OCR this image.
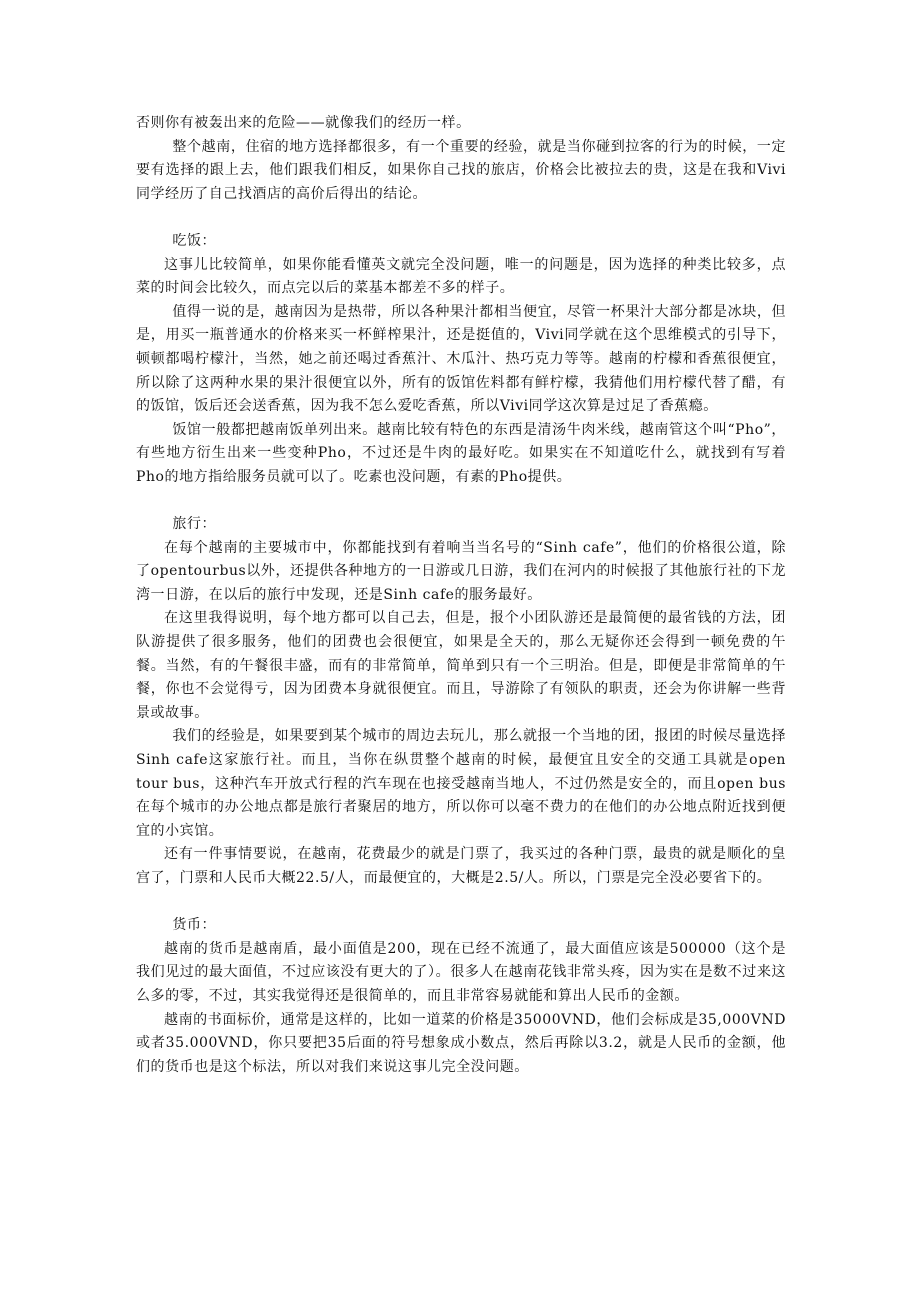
否则你有被轰出来的危险——就像我们的经历一样。

整个越南，住宿的地方选择都很多，有一个重要的经验，就是当你碰到拉客的行为的时候，一定要有选择的跟上去，他们跟我们相反，如果你自己找的旅店，价格会比被拉去的贵，这是在我和Vivi同学经历了自己找酒店的高价后得出的结论。

吃饭：

这事儿比较简单，如果你能看懂英文就完全没问题，唯一的问题是，因为选择的种类比较多，点菜的时间会比较久，而点完以后的菜基本都差不多的样子。

值得一说的是，越南因为是热带，所以各种果汁都相当便宜，尽管一杯果汁大部分都是冰块，但是，用买一瓶普通水的价格来买一杯鲜榨果汁，还是挺值的，Vivi同学就在这个思维模式的引导下，顿顿都喝柠檬汁，当然，她之前还喝过香蕉汁、木瓜汁、热巧克力等等。越南的柠檬和香蕉很便宜，所以除了这两种水果的果汁很便宜以外，所有的饭馆佐料都有鲜柠檬，我猜他们用柠檬代替了醋，有的饭馆，饭后还会送香蕉，因为我不怎么爱吃香蕉，所以Vivi同学这次算是过足了香蕉瘾。

饭馆一般都把越南饭单列出来。越南比较有特色的东西是清汤牛肉米线，越南管这个叫“Pho”，有些地方衍生出来一些变种Pho，不过还是牛肉的最好吃。如果实在不知道吃什么，就找到有写着Pho的地方指给服务员就可以了。吃素也没问题，有素的Pho提供。

旅行：

在每个越南的主要城市中，你都能找到有着响当当名号的“Sinh cafe”，他们的价格很公道，除了opentourbus以外，还提供各种地方的一日游或几日游，我们在河内的时候报了其他旅行社的下龙湾一日游，在以后的旅行中发现，还是Sinh cafe的服务最好。

在这里我得说明，每个地方都可以自己去，但是，报个小团队游还是最简便的最省钱的方法，团队游提供了很多服务，他们的团费也会很便宜，如果是全天的，那么无疑你还会得到一顿免费的午餐。当然，有的午餐很丰盛，而有的非常简单，简单到只有一个三明治。但是，即便是非常简单的午餐，你也不会觉得亏，因为团费本身就很便宜。而且，导游除了有领队的职责，还会为你讲解一些背景或故事。

我们的经验是，如果要到某个城市的周边去玩儿，那么就报一个当地的团，报团的时候尽量选择Sinh cafe这家旅行社。而且，当你在纵贯整个越南的时候，最便宜且安全的交通工具就是open tour bus，这种汽车开放式行程的汽车现在也接受越南当地人，不过仍然是安全的，而且open bus在每个城市的办公地点都是旅行者聚居的地方，所以你可以毫不费力的在他们的办公地点附近找到便宜的小宾馆。

还有一件事情要说，在越南，花费最少的就是门票了，我买过的各种门票，最贵的就是顺化的皇宫了，门票和人民币大概22.5/人，而最便宜的，大概是2.5/人。所以，门票是完全没必要省下的。

货币：

越南的货币是越南盾，最小面值是200，现在已经不流通了，最大面值应该是500000（这个是我们见过的最大面值，不过应该没有更大的了）。很多人在越南花钱非常头疼，因为实在是数不过来这么多的零，不过，其实我觉得还是很简单的，而且非常容易就能和算出人民币的金额。

越南的书面标价，通常是这样的，比如一道菜的价格是35000VND，他们会标成是35,000VND或者35.000VND，你只要把35后面的符号想象成小数点，然后再除以3.2，就是人民币的金额，他们的货币也是这个标法，所以对我们来说这事儿完全没问题。
